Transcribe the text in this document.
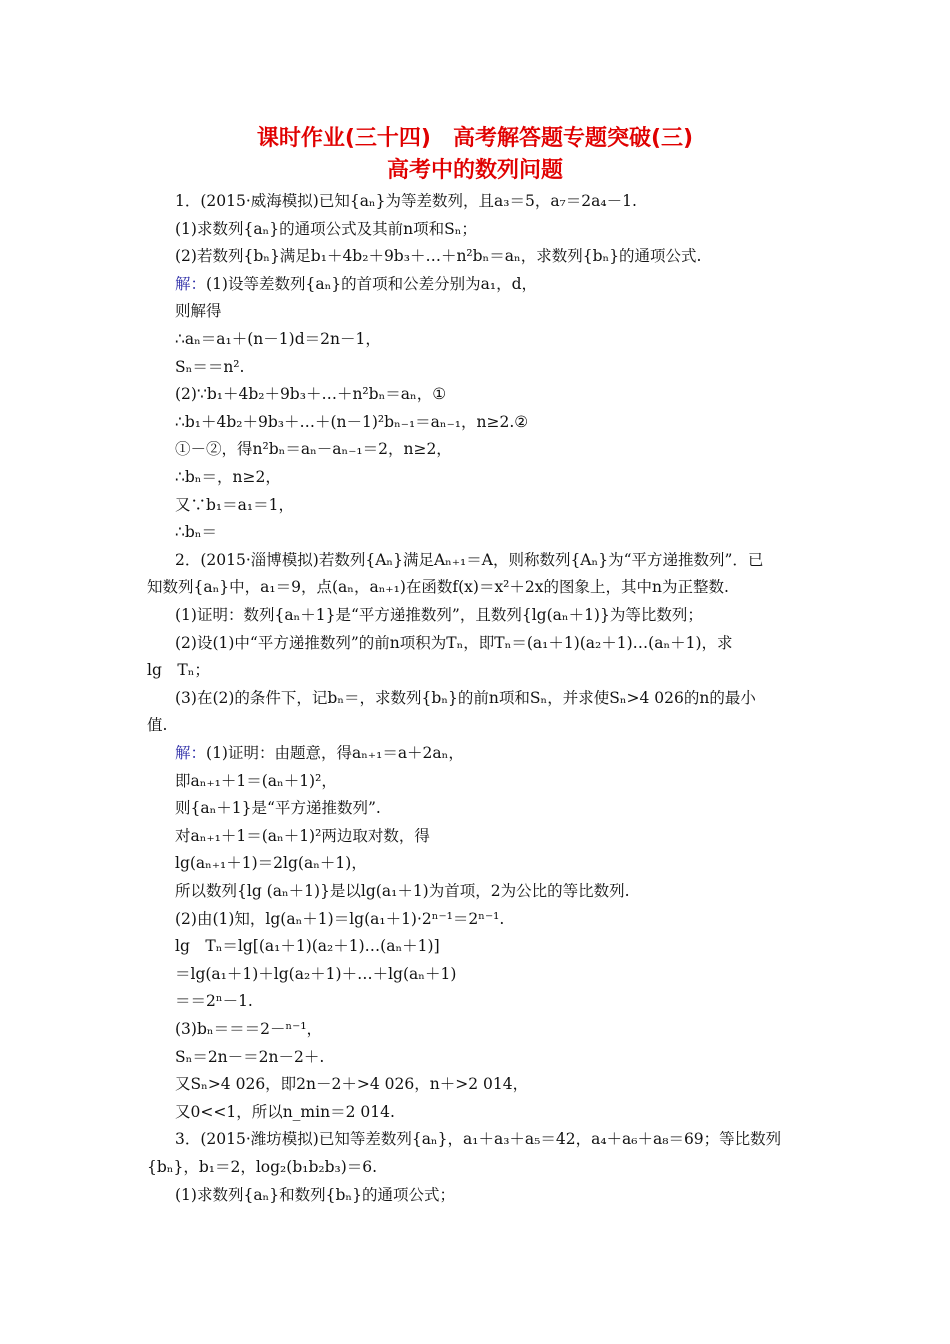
课时作业(三十四)　高考解答题专题突破(三)
高考中的数列问题
1．(2015·威海模拟)已知{aₙ}为等差数列，且a₃＝5，a₇＝2a₄－1.
(1)求数列{aₙ}的通项公式及其前n项和Sₙ；
(2)若数列{bₙ}满足b₁＋4b₂＋9b₃＋…＋n²bₙ＝aₙ，求数列{bₙ}的通项公式.
解：(1)设等差数列{aₙ}的首项和公差分别为a₁，d，
则解得
∴aₙ＝a₁＋(n－1)d＝2n－1，
Sₙ＝＝n².
(2)∵b₁＋4b₂＋9b₃＋…＋n²bₙ＝aₙ，①
∴b₁＋4b₂＋9b₃＋…＋(n－1)²bₙ₋₁＝aₙ₋₁，n≥2.②
①－②，得n²bₙ＝aₙ－aₙ₋₁＝2，n≥2，
∴bₙ＝，n≥2，
又∵b₁＝a₁＝1，
∴bₙ＝
2．(2015·淄博模拟)若数列{Aₙ}满足Aₙ₊₁＝A，则称数列{Aₙ}为“平方递推数列”．已
知数列{aₙ}中，a₁＝9，点(aₙ，aₙ₊₁)在函数f(x)＝x²＋2x的图象上，其中n为正整数.
(1)证明：数列{aₙ＋1}是“平方递推数列”，且数列{lg(aₙ＋1)}为等比数列；
(2)设(1)中“平方递推数列”的前n项积为Tₙ，即Tₙ＝(a₁＋1)(a₂＋1)…(aₙ＋1)，求
lg　Tₙ；
(3)在(2)的条件下，记bₙ＝，求数列{bₙ}的前n项和Sₙ，并求使Sₙ>4 026的n的最小
值.
解：(1)证明：由题意，得aₙ₊₁＝a＋2aₙ，
即aₙ₊₁＋1＝(aₙ＋1)²，
则{aₙ＋1}是“平方递推数列”.
对aₙ₊₁＋1＝(aₙ＋1)²两边取对数，得
lg(aₙ₊₁＋1)＝2lg(aₙ＋1)，
所以数列{lg (aₙ＋1)}是以lg(a₁＋1)为首项，2为公比的等比数列.
(2)由(1)知，lg(aₙ＋1)＝lg(a₁＋1)·2ⁿ⁻¹＝2ⁿ⁻¹.
lg　Tₙ＝lg[(a₁＋1)(a₂＋1)…(aₙ＋1)]
＝lg(a₁＋1)＋lg(a₂＋1)＋…＋lg(aₙ＋1)
＝＝2ⁿ－1.
(3)bₙ＝＝＝2－ⁿ⁻¹，
Sₙ＝2n－＝2n－2＋.
又Sₙ>4 026，即2n－2＋>4 026，n＋>2 014，
又0<<1，所以n_min＝2 014.
3．(2015·潍坊模拟)已知等差数列{aₙ}，a₁＋a₃＋a₅＝42，a₄＋a₆＋a₈＝69；等比数列
{bₙ}，b₁＝2，log₂(b₁b₂b₃)＝6.
(1)求数列{aₙ}和数列{bₙ}的通项公式；
